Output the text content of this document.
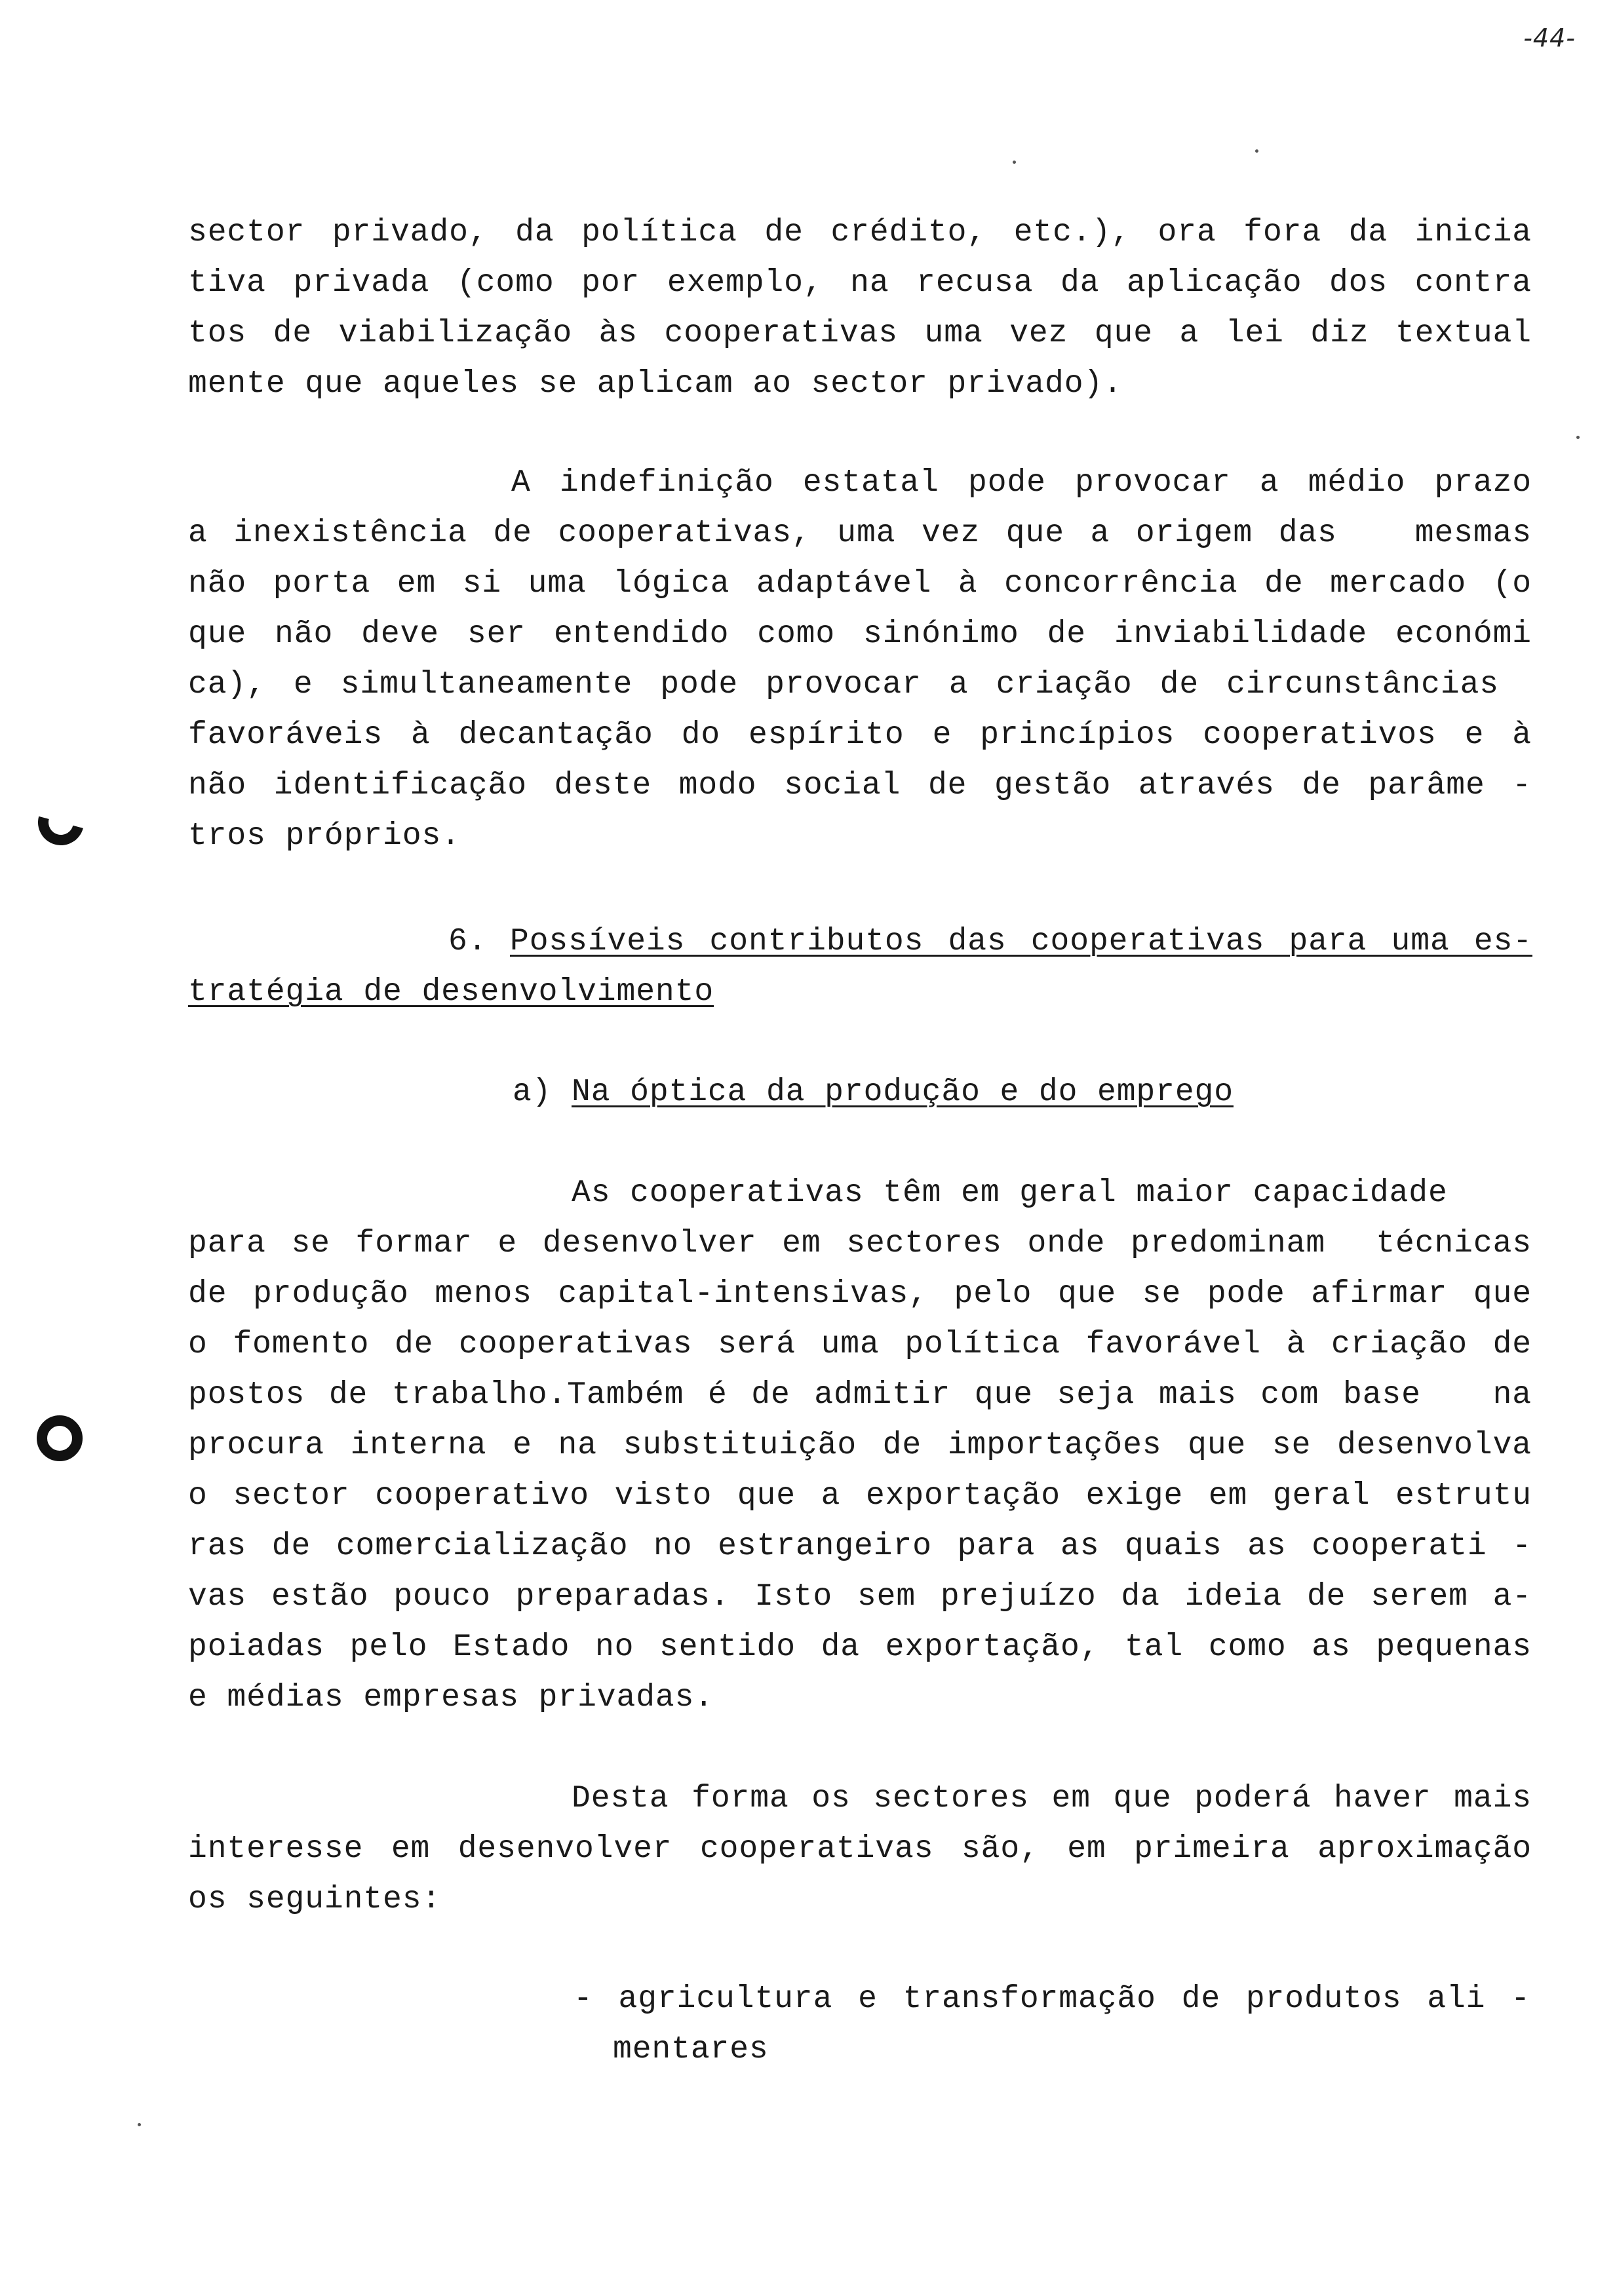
-44-
sector privado, da política de crédito, etc.), ora fora da inicia
tiva privada (como por exemplo, na recusa da aplicação dos contra
tos de viabilização às cooperativas uma vez que a lei diz textual
mente que aqueles se aplicam ao sector privado).
A indefinição estatal pode provocar a médio prazo
a inexistência de cooperativas, uma vez que a origem das   mesmas
não porta em si uma lógica adaptável à concorrência de mercado (o
que não deve ser entendido como sinónimo de inviabilidade económi
ca), e simultaneamente pode provocar a criação de circunstâncias
favoráveis à decantação do espírito e princípios cooperativos e à
não identificação deste modo social de gestão através de parâme -
tros próprios.
6. Possíveis contributos das cooperativas para uma es-
tratégia de desenvolvimento
a) Na óptica da produção e do emprego
As cooperativas têm em geral maior capacidade
para se formar e desenvolver em sectores onde predominam  técnicas
de produção menos capital-intensivas, pelo que se pode afirmar que
o fomento de cooperativas será uma política favorável à criação de
postos de trabalho.Também é de admitir que seja mais com base   na
procura interna e na substituição de importações que se desenvolva
o sector cooperativo visto que a exportação exige em geral estrutu
ras de comercialização no estrangeiro para as quais as cooperati -
vas estão pouco preparadas. Isto sem prejuízo da ideia de serem a-
poiadas pelo Estado no sentido da exportação, tal como as pequenas
e médias empresas privadas.
Desta forma os sectores em que poderá haver mais
interesse em desenvolver cooperativas são, em primeira aproximação
os seguintes:
- agricultura e transformação de produtos ali -
mentares
